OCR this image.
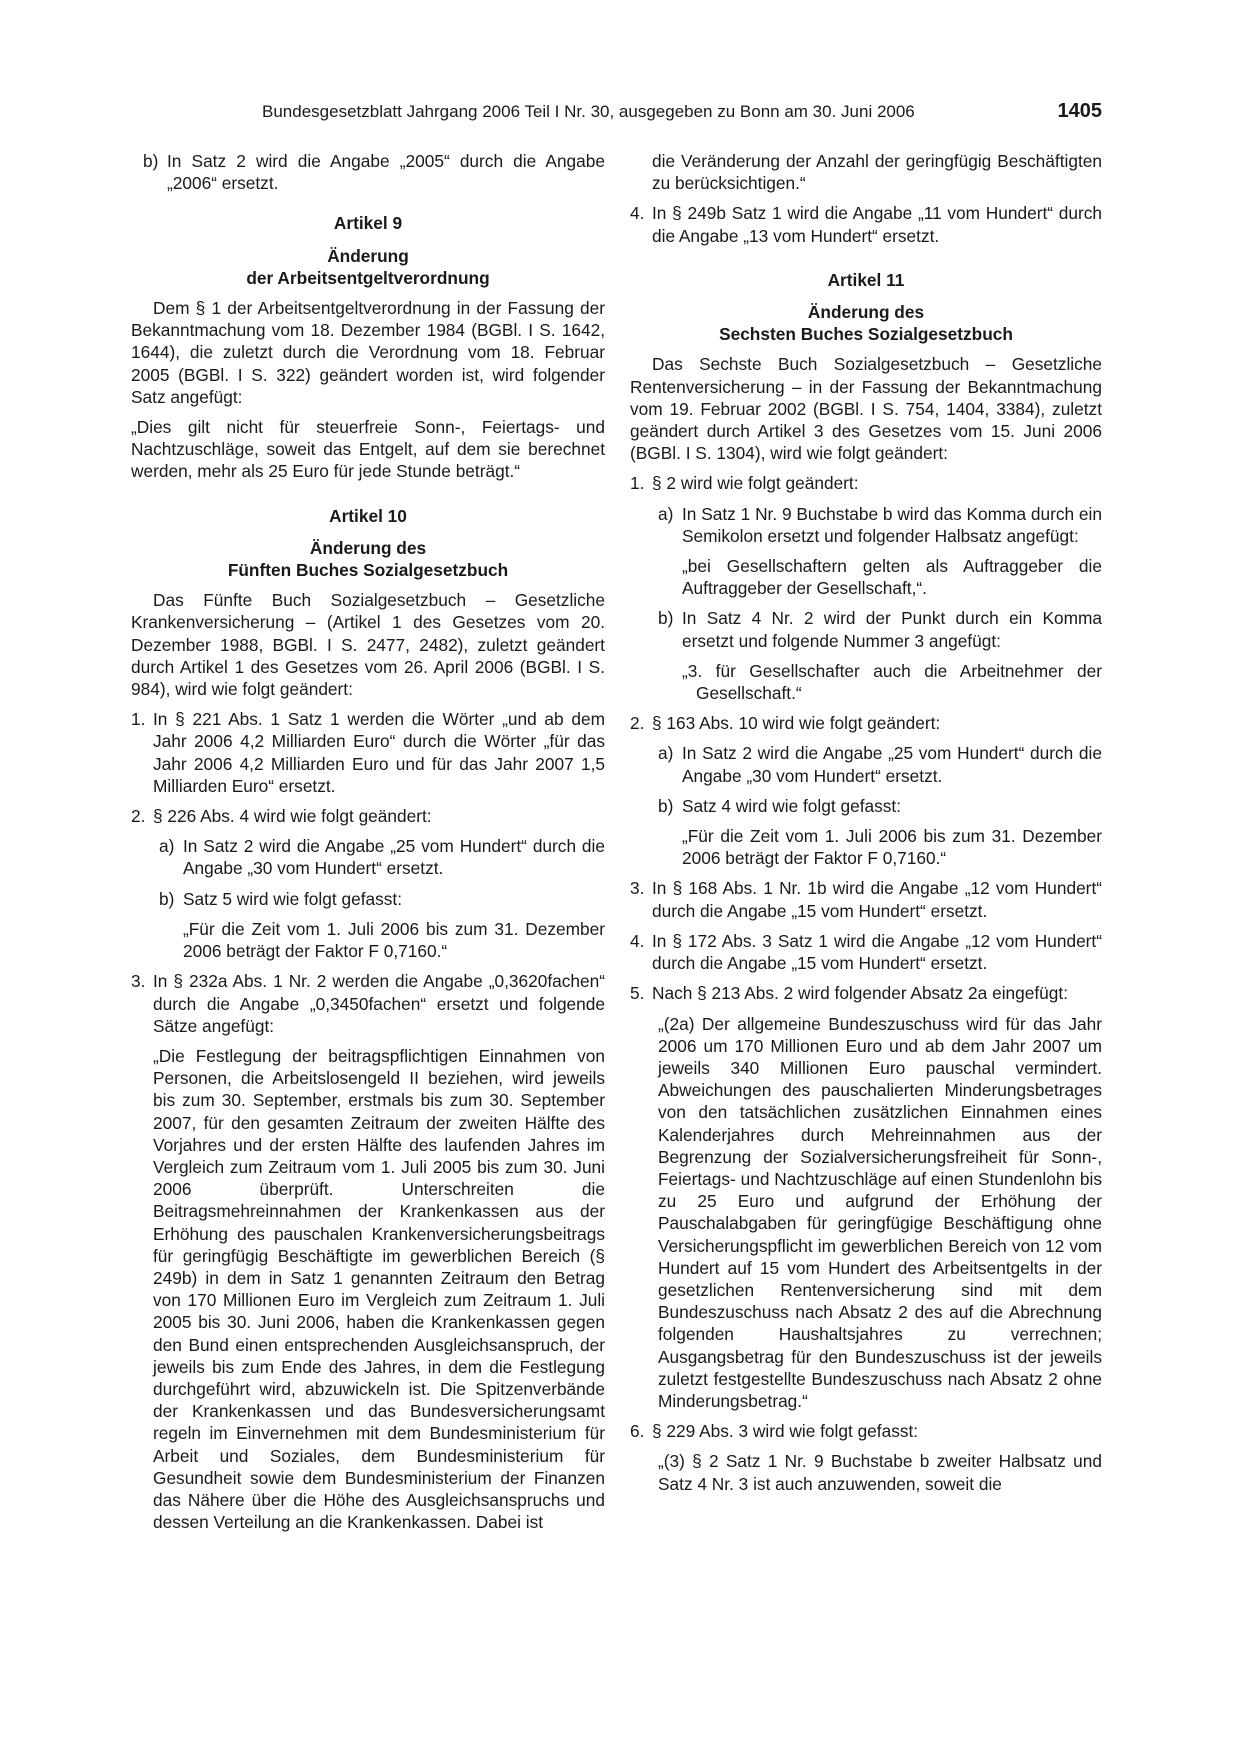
Bundesgesetzblatt Jahrgang 2006 Teil I Nr. 30, ausgegeben zu Bonn am 30. Juni 2006	1405
b) In Satz 2 wird die Angabe „2005“ durch die Angabe „2006“ ersetzt.
Artikel 9
Änderung
der Arbeitsentgeltverordnung

Dem § 1 der Arbeitsentgeltverordnung in der Fassung der Bekanntmachung vom 18. Dezember 1984 (BGBl. I S. 1642, 1644), die zuletzt durch die Verordnung vom 18. Februar 2005 (BGBl. I S. 322) geändert worden ist, wird folgender Satz angefügt:

„Dies gilt nicht für steuerfreie Sonn-, Feiertags- und Nachtzuschläge, soweit das Entgelt, auf dem sie berechnet werden, mehr als 25 Euro für jede Stunde beträgt.“

Artikel 10
Änderung des
Fünften Buches Sozialgesetzbuch

Das Fünfte Buch Sozialgesetzbuch – Gesetzliche Krankenversicherung – (Artikel 1 des Gesetzes vom 20. Dezember 1988, BGBl. I S. 2477, 2482), zuletzt geändert durch Artikel 1 des Gesetzes vom 26. April 2006 (BGBl. I S. 984), wird wie folgt geändert:

1. In § 221 Abs. 1 Satz 1 werden die Wörter „und ab dem Jahr 2006 4,2 Milliarden Euro“ durch die Wörter „für das Jahr 2006 4,2 Milliarden Euro und für das Jahr 2007 1,5 Milliarden Euro“ ersetzt.
2. § 226 Abs. 4 wird wie folgt geändert:
a) In Satz 2 wird die Angabe „25 vom Hundert“ durch die Angabe „30 vom Hundert“ ersetzt.
b) Satz 5 wird wie folgt gefasst:
„Für die Zeit vom 1. Juli 2006 bis zum 31. Dezember 2006 beträgt der Faktor F 0,7160.“
3. In § 232a Abs. 1 Nr. 2 werden die Angabe „0,3620fachen“ durch die Angabe „0,3450fachen“ ersetzt und folgende Sätze angefügt:
„Die Festlegung der beitragspflichtigen Einnahmen von Personen, die Arbeitslosengeld II beziehen, wird jeweils bis zum 30. September, erstmals bis zum 30. September 2007, für den gesamten Zeitraum der zweiten Hälfte des Vorjahres und der ersten Hälfte des laufenden Jahres im Vergleich zum Zeitraum vom 1. Juli 2005 bis zum 30. Juni 2006 überprüft. Unterschreiten die Beitragsmehreinnahmen der Krankenkassen aus der Erhöhung des pauschalen Krankenversicherungsbeitrags für geringfügig Beschäftigte im gewerblichen Bereich (§ 249b) in dem in Satz 1 genannten Zeitraum den Betrag von 170 Millionen Euro im Vergleich zum Zeitraum 1. Juli 2005 bis 30. Juni 2006, haben die Krankenkassen gegen den Bund einen entsprechenden Ausgleichsanspruch, der jeweils bis zum Ende des Jahres, in dem die Festlegung durchgeführt wird, abzuwickeln ist. Die Spitzenverbände der Krankenkassen und das Bundesversicherungsamt regeln im Einvernehmen mit dem Bundesministerium für Arbeit und Soziales, dem Bundesministerium für Gesundheit sowie dem Bundesministerium der Finanzen das Nähere über die Höhe des Ausgleichsanspruchs und dessen Verteilung an die Krankenkassen. Dabei ist
die Veränderung der Anzahl der geringfügig Beschäftigten zu berücksichtigen.“
4. In § 249b Satz 1 wird die Angabe „11 vom Hundert“ durch die Angabe „13 vom Hundert“ ersetzt.
Artikel 11
Änderung des
Sechsten Buches Sozialgesetzbuch

Das Sechste Buch Sozialgesetzbuch – Gesetzliche Rentenversicherung – in der Fassung der Bekanntmachung vom 19. Februar 2002 (BGBl. I S. 754, 1404, 3384), zuletzt geändert durch Artikel 3 des Gesetzes vom 15. Juni 2006 (BGBl. I S. 1304), wird wie folgt geändert:

1. § 2 wird wie folgt geändert:
a) In Satz 1 Nr. 9 Buchstabe b wird das Komma durch ein Semikolon ersetzt und folgender Halbsatz angefügt:
„bei Gesellschaftern gelten als Auftraggeber die Auftraggeber der Gesellschaft,“.
b) In Satz 4 Nr. 2 wird der Punkt durch ein Komma ersetzt und folgende Nummer 3 angefügt:
„3. für Gesellschafter auch die Arbeitnehmer der Gesellschaft.“
2. § 163 Abs. 10 wird wie folgt geändert:
a) In Satz 2 wird die Angabe „25 vom Hundert“ durch die Angabe „30 vom Hundert“ ersetzt.
b) Satz 4 wird wie folgt gefasst:
„Für die Zeit vom 1. Juli 2006 bis zum 31. Dezember 2006 beträgt der Faktor F 0,7160.“
3. In § 168 Abs. 1 Nr. 1b wird die Angabe „12 vom Hundert“ durch die Angabe „15 vom Hundert“ ersetzt.
4. In § 172 Abs. 3 Satz 1 wird die Angabe „12 vom Hundert“ durch die Angabe „15 vom Hundert“ ersetzt.
5. Nach § 213 Abs. 2 wird folgender Absatz 2a eingefügt:
„(2a) Der allgemeine Bundeszuschuss wird für das Jahr 2006 um 170 Millionen Euro und ab dem Jahr 2007 um jeweils 340 Millionen Euro pauschal vermindert. Abweichungen des pauschalierten Minderungsbetrages von den tatsächlichen zusätzlichen Einnahmen eines Kalenderjahres durch Mehreinnahmen aus der Begrenzung der Sozialversicherungsfreiheit für Sonn-, Feiertags- und Nachtzuschläge auf einen Stundenlohn bis zu 25 Euro und aufgrund der Erhöhung der Pauschalabgaben für geringfügige Beschäftigung ohne Versicherungspflicht im gewerblichen Bereich von 12 vom Hundert auf 15 vom Hundert des Arbeitsentgelts in der gesetzlichen Rentenversicherung sind mit dem Bundeszuschuss nach Absatz 2 des auf die Abrechnung folgenden Haushaltsjahres zu verrechnen; Ausgangsbetrag für den Bundeszuschuss ist der jeweils zuletzt festgestellte Bundeszuschuss nach Absatz 2 ohne Minderungsbetrag.“
6. § 229 Abs. 3 wird wie folgt gefasst:
„(3) § 2 Satz 1 Nr. 9 Buchstabe b zweiter Halbsatz und Satz 4 Nr. 3 ist auch anzuwenden, soweit die
